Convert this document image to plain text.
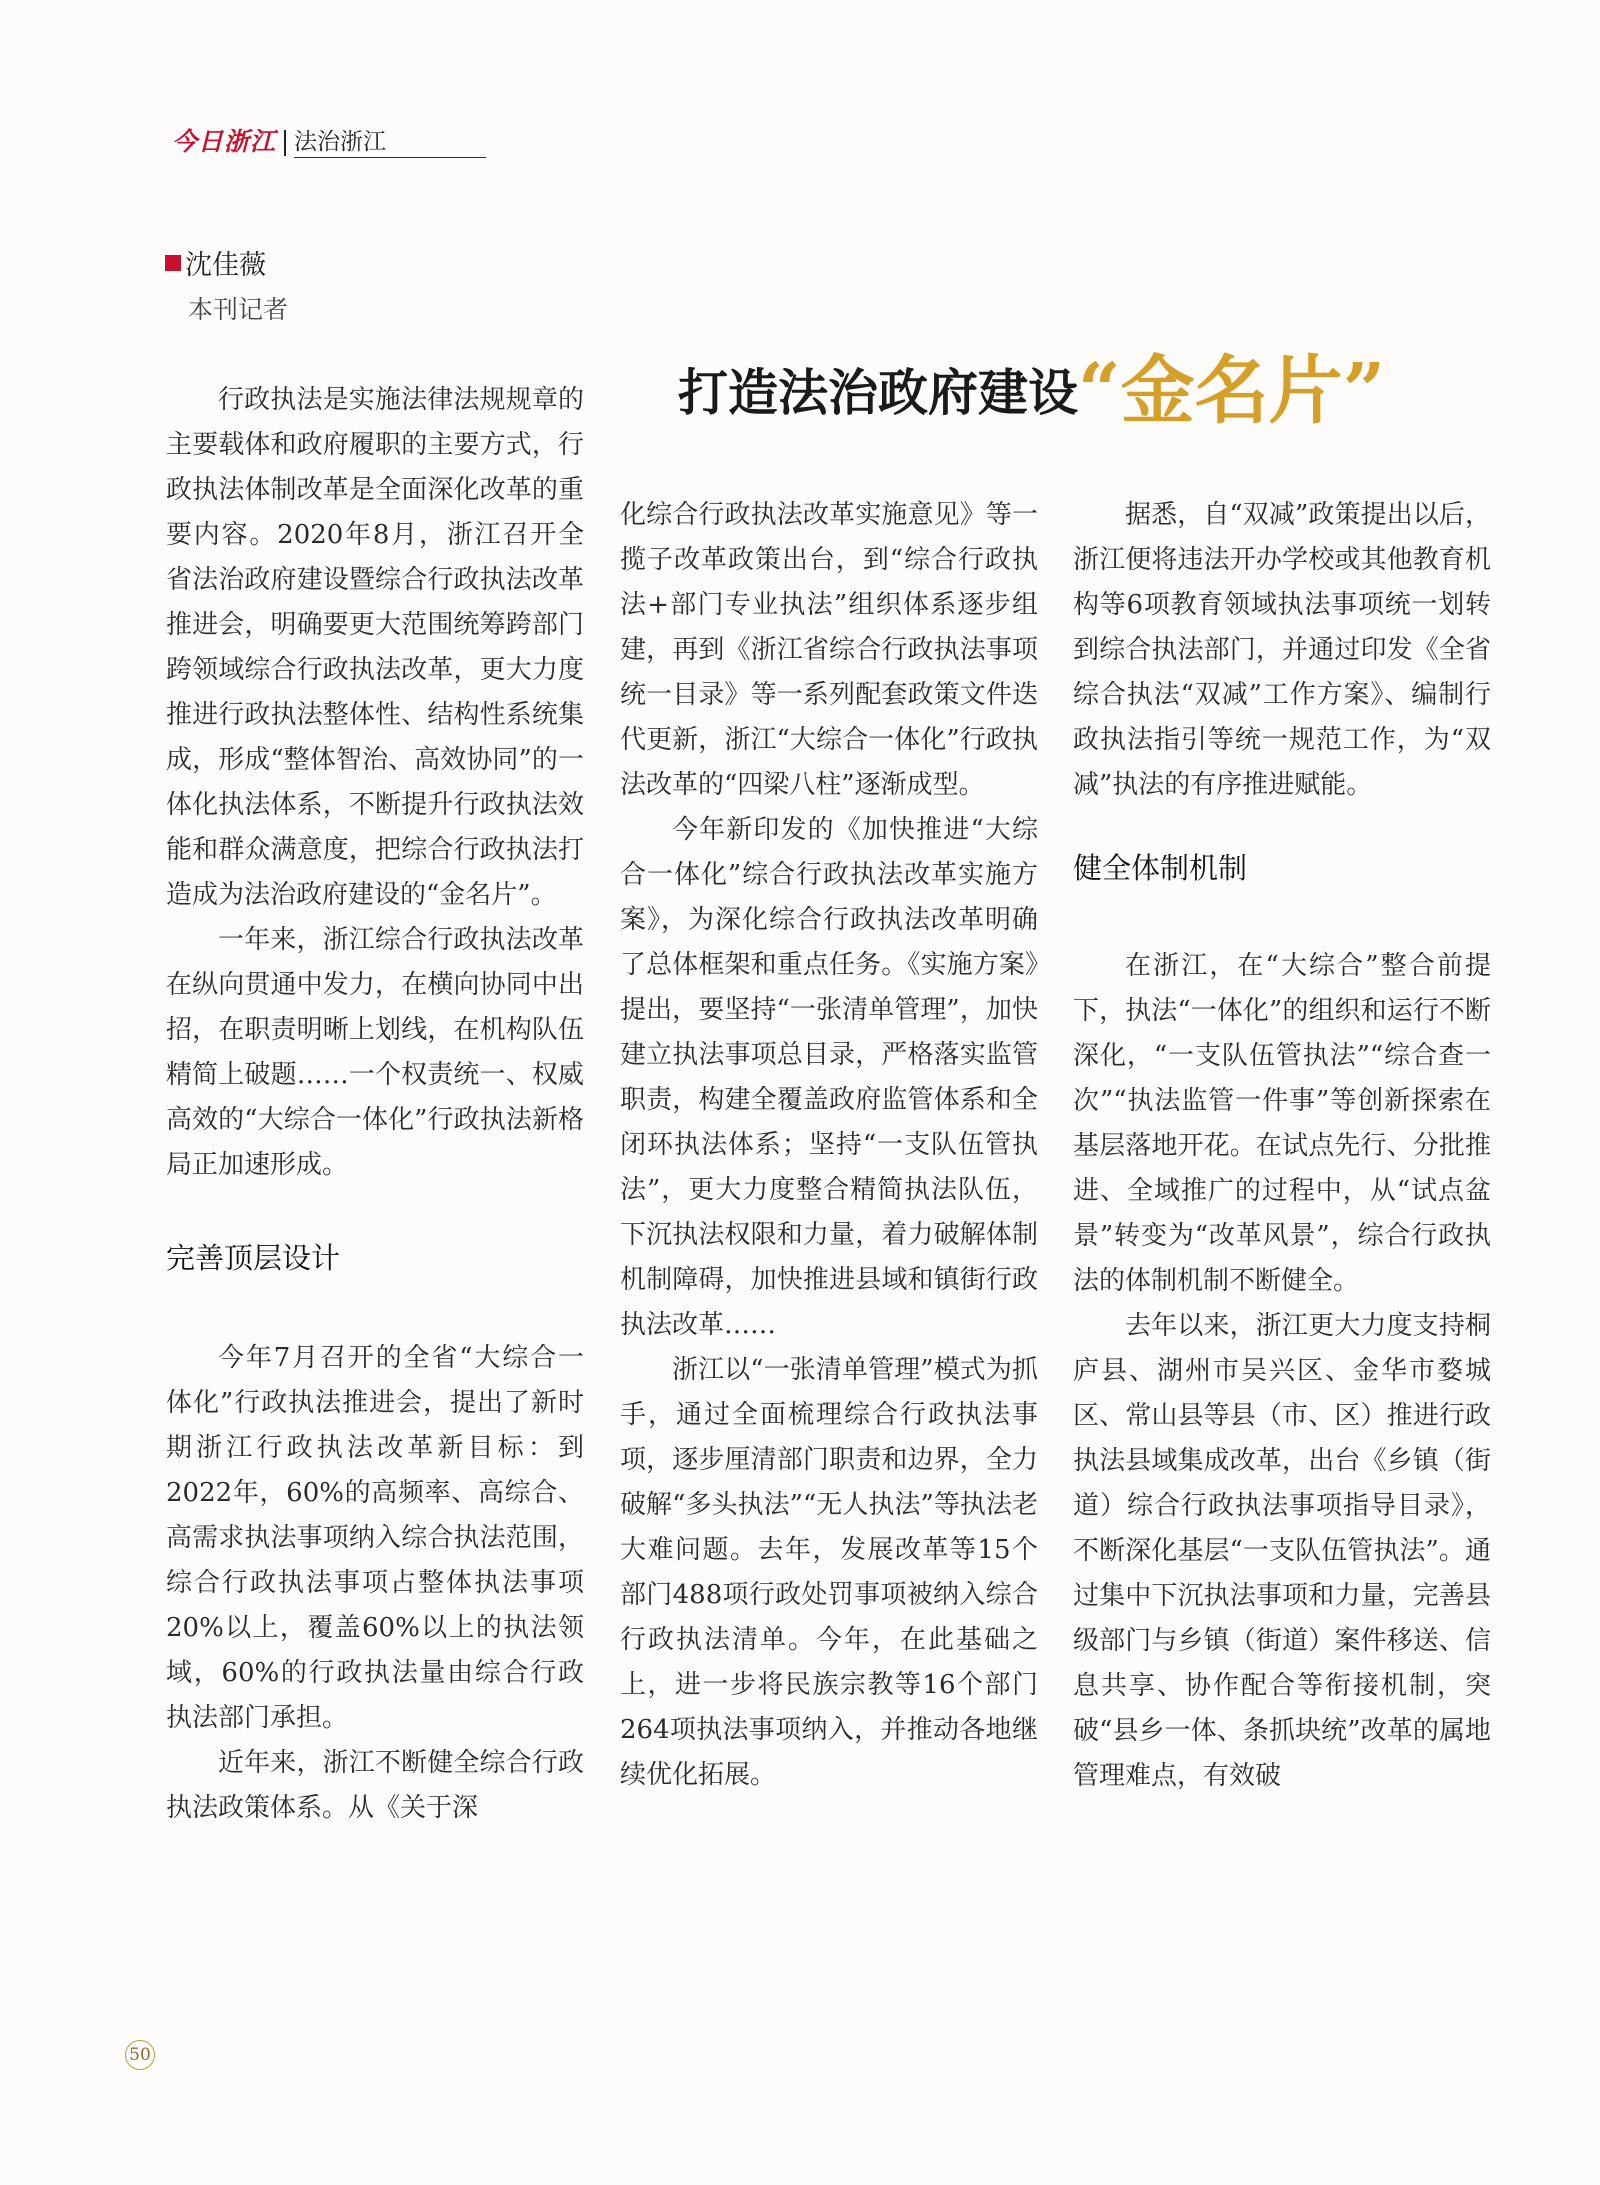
今日浙江 法治浙江
沈佳薇
本刊记者
打造法治政府建设“金名片”

行政执法是实施法律法规规章的主要载体和政府履职的主要方式，行政执法体制改革是全面深化改革的重要内容。2020年8月，浙江召开全省法治政府建设暨综合行政执法改革推进会，明确要更大范围统筹跨部门跨领域综合行政执法改革，更大力度推进行政执法整体性、结构性系统集成，形成“整体智治、高效协同”的一体化执法体系，不断提升行政执法效能和群众满意度，把综合行政执法打造成为法治政府建设的“金名片”。

一年来，浙江综合行政执法改革在纵向贯通中发力，在横向协同中出招，在职责明晰上划线，在机构队伍精简上破题……一个权责统一、权威高效的“大综合一体化”行政执法新格局正加速形成。

完善顶层设计

今年7月召开的全省“大综合一体化”行政执法推进会，提出了新时期浙江行政执法改革新目标：到2022年，60%的高频率、高综合、高需求执法事项纳入综合执法范围，综合行政执法事项占整体执法事项20%以上，覆盖60%以上的执法领域，60%的行政执法量由综合行政执法部门承担。

近年来，浙江不断健全综合行政执法政策体系。从《关于深

化综合行政执法改革实施意见》等一揽子改革政策出台，到“综合行政执法+部门专业执法”组织体系逐步组建，再到《浙江省综合行政执法事项统一目录》等一系列配套政策文件迭代更新，浙江“大综合一体化”行政执法改革的“四梁八柱”逐渐成型。

今年新印发的《加快推进“大综合一体化”综合行政执法改革实施方案》，为深化综合行政执法改革明确了总体框架和重点任务。《实施方案》提出，要坚持“一张清单管理”，加快建立执法事项总目录，严格落实监管职责，构建全覆盖政府监管体系和全闭环执法体系；坚持“一支队伍管执法”，更大力度整合精简执法队伍，下沉执法权限和力量，着力破解体制机制障碍，加快推进县域和镇街行政执法改革……

浙江以“一张清单管理”模式为抓手，通过全面梳理综合行政执法事项，逐步厘清部门职责和边界，全力破解“多头执法”“无人执法”等执法老大难问题。去年，发展改革等15个部门488项行政处罚事项被纳入综合行政执法清单。今年，在此基础之上，进一步将民族宗教等16个部门264项执法事项纳入，并推动各地继续优化拓展。

据悉，自“双减”政策提出以后，浙江便将违法开办学校或其他教育机构等6项教育领域执法事项统一划转到综合执法部门，并通过印发《全省综合执法“双减”工作方案》、编制行政执法指引等统一规范工作，为“双减”执法的有序推进赋能。

健全体制机制

在浙江，在“大综合”整合前提下，执法“一体化”的组织和运行不断深化，“一支队伍管执法”“综合查一次”“执法监管一件事”等创新探索在基层落地开花。在试点先行、分批推进、全域推广的过程中，从“试点盆景”转变为“改革风景”，综合行政执法的体制机制不断健全。

去年以来，浙江更大力度支持桐庐县、湖州市吴兴区、金华市婺城区、常山县等县（市、区）推进行政执法县域集成改革，出台《乡镇（街道）综合行政执法事项指导目录》，不断深化基层“一支队伍管执法”。通过集中下沉执法事项和力量，完善县级部门与乡镇（街道）案件移送、信息共享、协作配合等衔接机制，突破“县乡一体、条抓块统”改革的属地管理难点，有效破

50
